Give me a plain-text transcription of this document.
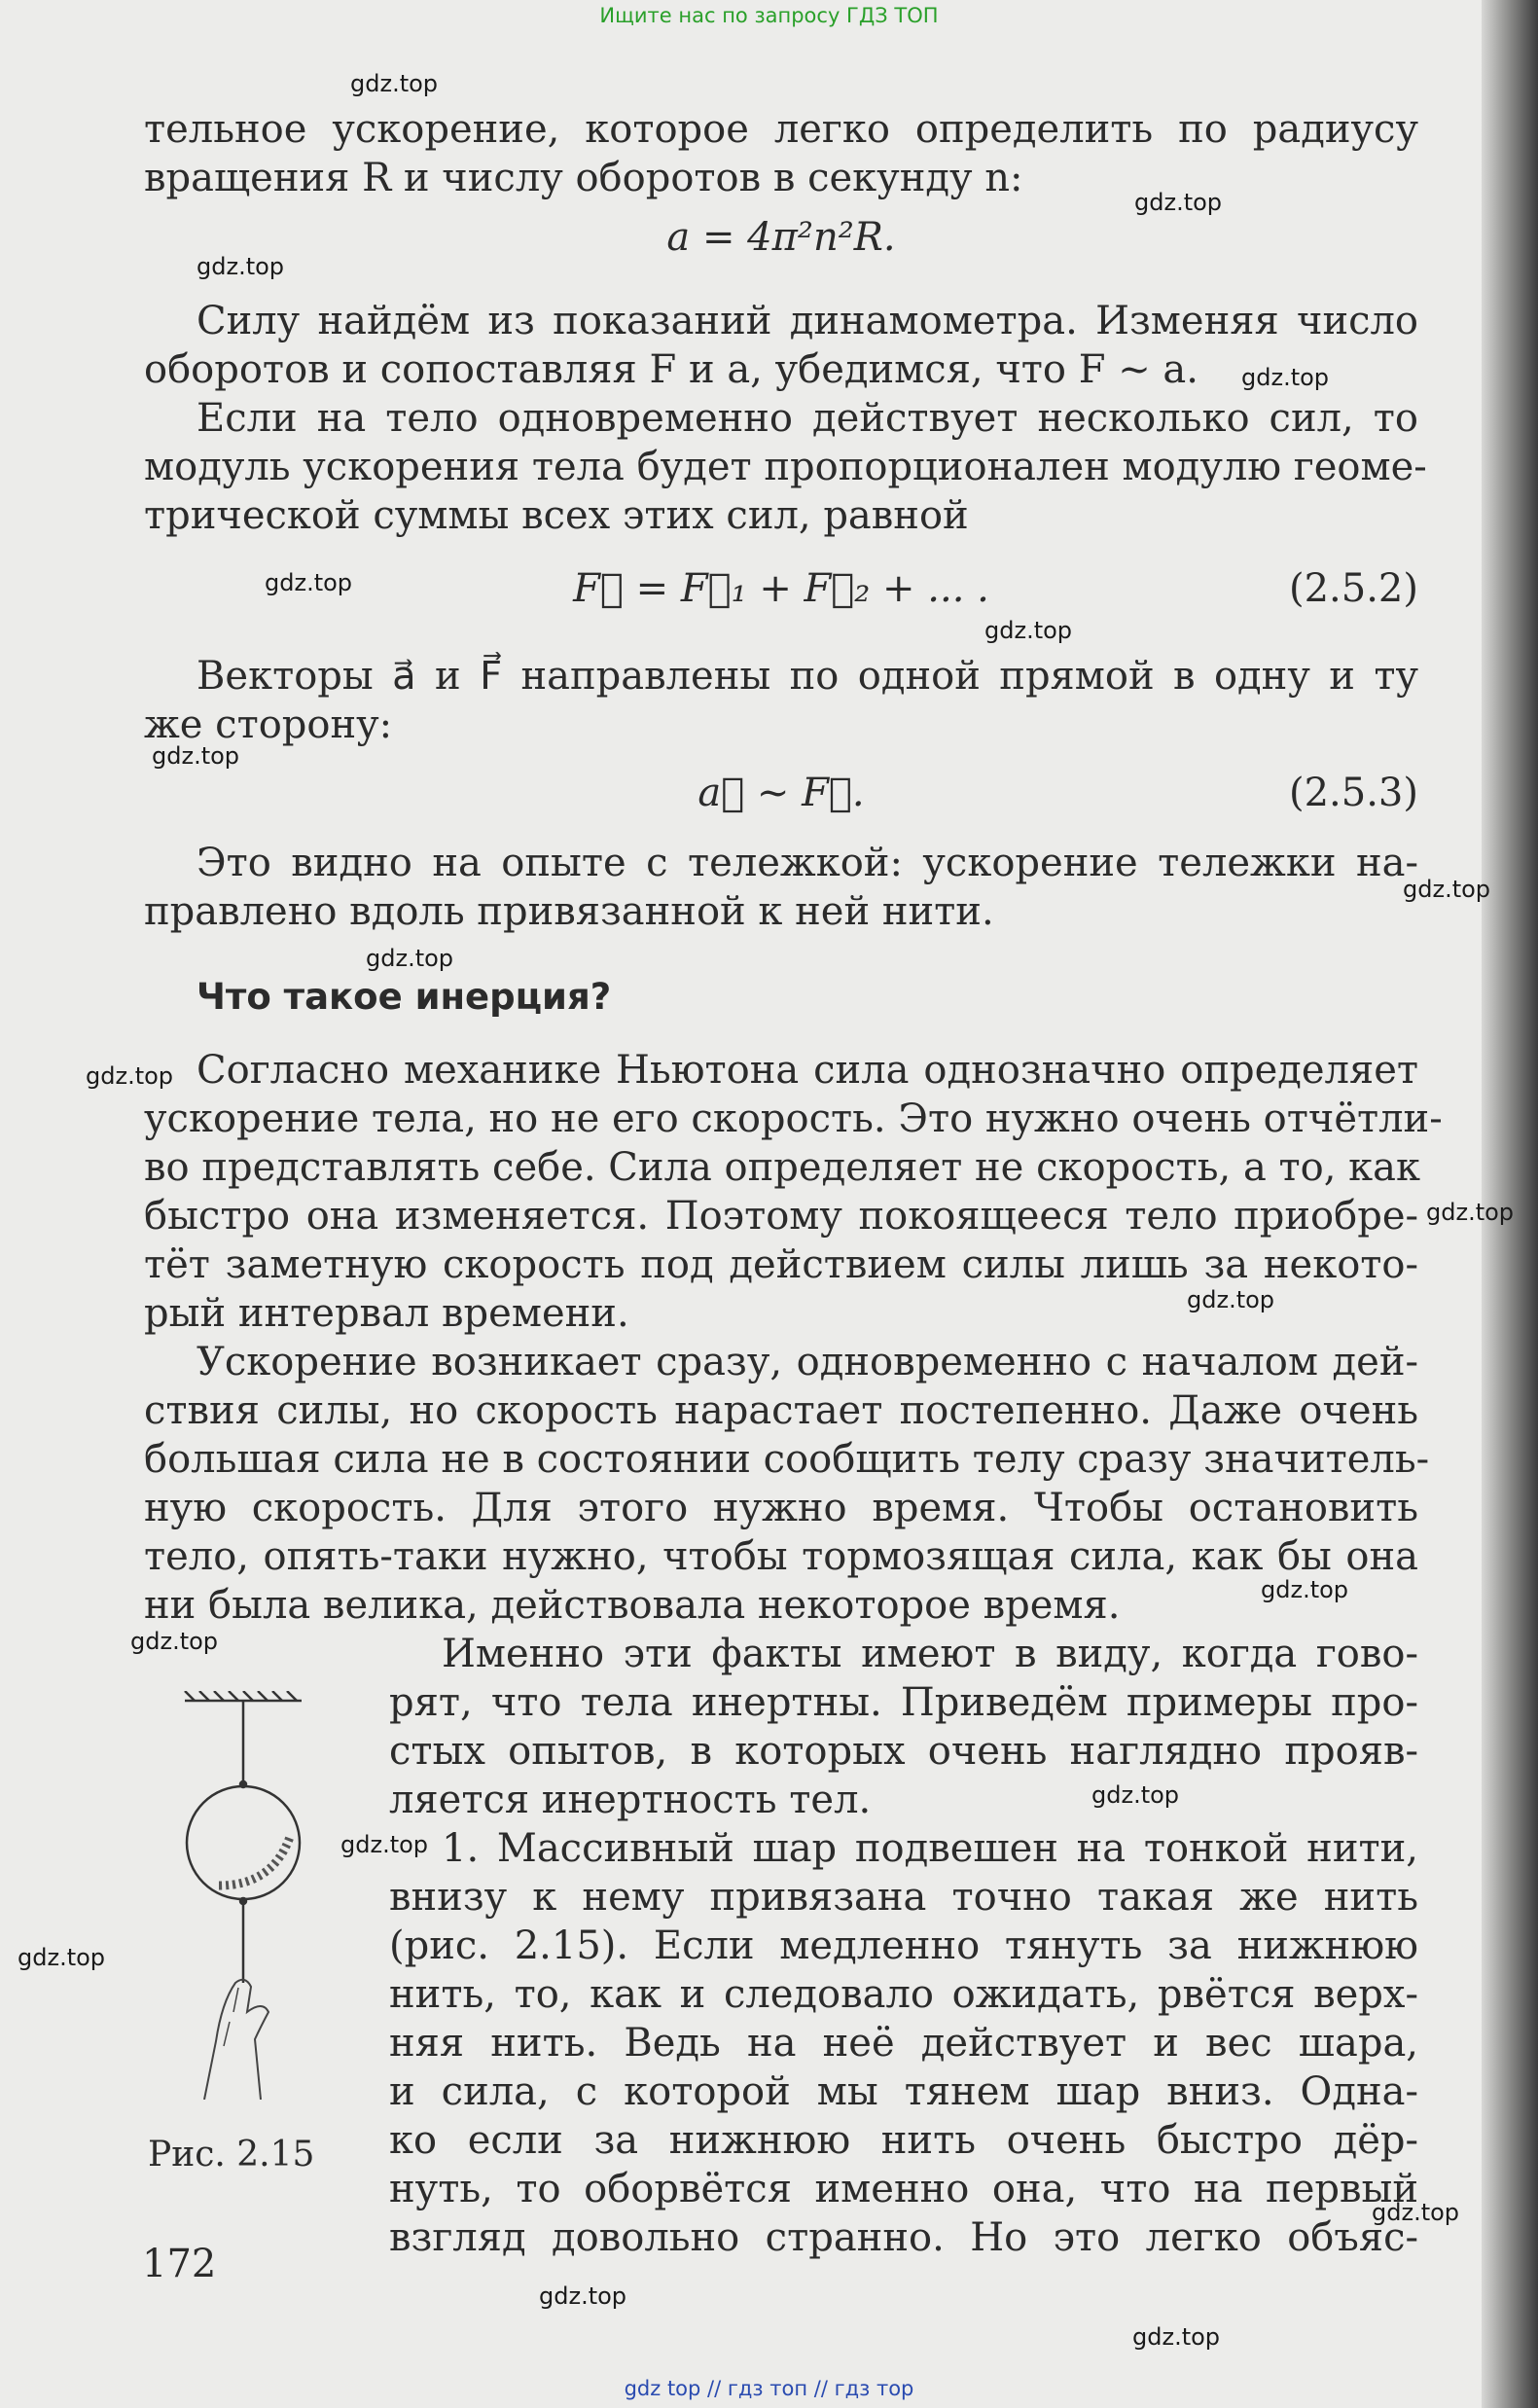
Ищите нас по запросу ГДЗ ТОП

тельное ускорение, которое легко определить по радиусу
вращения R и числу оборотов в секунду n:
a = 4π²n²R.
Силу найдём из показаний динамометра. Изменяя число
оборотов и сопоставляя F и a, убедимся, что F ~ a.
Если на тело одновременно действует несколько сил, то
модуль ускорения тела будет пропорционален модулю геоме-
трической суммы всех этих сил, равной
F⃗ = F⃗₁ + F⃗₂ + ... .	(2.5.2)
Векторы a⃗ и F⃗ направлены по одной прямой в одну и ту
же сторону:
a⃗ ~ F⃗.	(2.5.3)
Это видно на опыте с тележкой: ускорение тележки на-
правлено вдоль привязанной к ней нити.
Что такое инерция?
Согласно механике Ньютона сила однозначно определяет
ускорение тела, но не его скорость. Это нужно очень отчётли-
во представлять себе. Сила определяет не скорость, а то, как
быстро она изменяется. Поэтому покоящееся тело приобре-
тёт заметную скорость под действием силы лишь за некото-
рый интервал времени.
Ускорение возникает сразу, одновременно с началом дей-
ствия силы, но скорость нарастает постепенно. Даже очень
большая сила не в состоянии сообщить телу сразу значитель-
ную скорость. Для этого нужно время. Чтобы остановить
тело, опять-таки нужно, чтобы тормозящая сила, как бы она
ни была велика, действовала некоторое время.
Именно эти факты имеют в виду, когда гово-
рят, что тела инертны. Приведём примеры про-
стых опытов, в которых очень наглядно прояв-
ляется инертность тел.
1. Массивный шар подвешен на тонкой нити,
внизу к нему привязана точно такая же нить
(рис. 2.15). Если медленно тянуть за нижнюю
нить, то, как и следовало ожидать, рвётся верх-
няя нить. Ведь на неё действует и вес шара,
и сила, с которой мы тянем шар вниз. Одна-
ко если за нижнюю нить очень быстро дёр-
нуть, то оборвётся именно она, что на первый
взгляд довольно странно. Но это легко объяс-
Рис. 2.15
172
gdz.top
gdz.top
gdz.top
gdz.top
gdz.top
gdz.top
gdz.top
gdz.top
gdz.top
gdz.top
gdz.top
gdz.top
gdz.top
gdz.top
gdz.top
gdz.top
gdz.top
gdz.top
gdz.top
gdz.top
gdz top // гдз топ // гдз тор
